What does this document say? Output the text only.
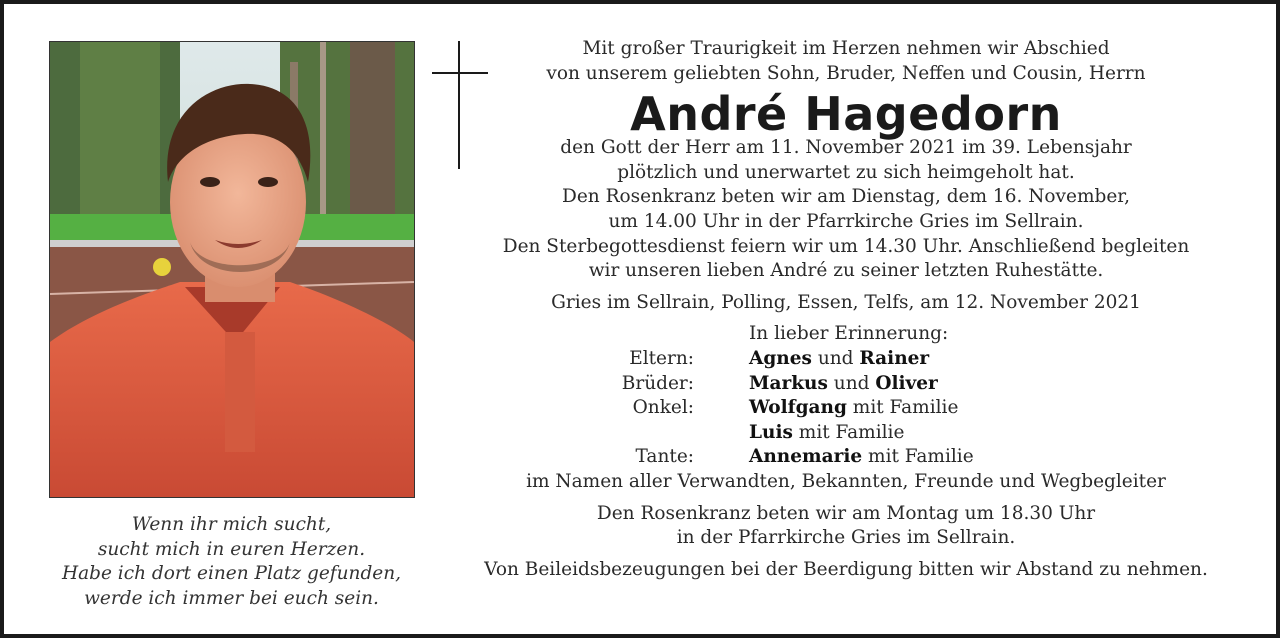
Wenn ihr mich sucht,
sucht mich in euren Herzen.
Habe ich dort einen Platz gefunden,
werde ich immer bei euch sein.
Mit großer Traurigkeit im Herzen nehmen wir Abschied
von unserem geliebten Sohn, Bruder, Neffen und Cousin, Herrn
André Hagedorn
den Gott der Herr am 11. November 2021 im 39. Lebensjahr
plötzlich und unerwartet zu sich heimgeholt hat.
Den Rosenkranz beten wir am Dienstag, dem 16. November,
um 14.00 Uhr in der Pfarrkirche Gries im Sellrain.
Den Sterbegottesdienst feiern wir um 14.30 Uhr. Anschließend begleiten
wir unseren lieben André zu seiner letzten Ruhestätte.
Gries im Sellrain, Polling, Essen, Telfs, am 12. November 2021
In lieber Erinnerung:
Eltern:	Agnes und Rainer
Brüder:	Markus und Oliver
Onkel:	Wolfgang mit Familie
Luis mit Familie
Tante:	Annemarie mit Familie
im Namen aller Verwandten, Bekannten, Freunde und Wegbegleiter
Den Rosenkranz beten wir am Montag um 18.30 Uhr
in der Pfarrkirche Gries im Sellrain.
Von Beileidsbezeugungen bei der Beerdigung bitten wir Abstand zu nehmen.
